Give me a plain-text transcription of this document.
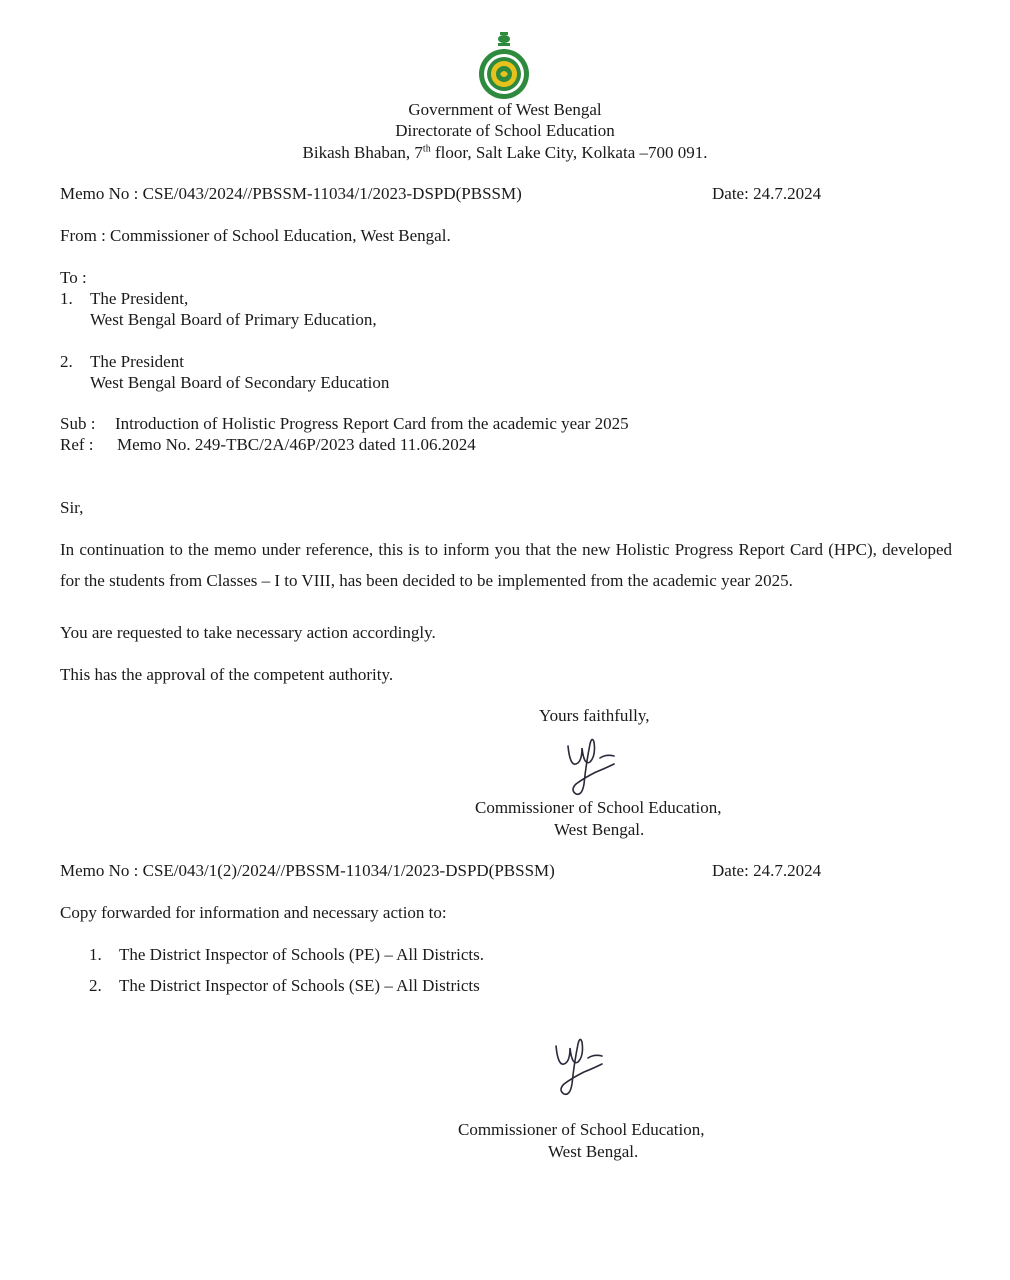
Government of West Bengal
Directorate of School Education
Bikash Bhaban, 7th floor, Salt Lake City, Kolkata –700 091.
Memo No : CSE/043/2024//PBSSM-11034/1/2023-DSPD(PBSSM)	Date: 24.7.2024
From : Commissioner of School Education, West Bengal.
To :
1. The President,
West Bengal Board of Primary Education,
2. The President
West Bengal Board of Secondary Education
Sub : Introduction of Holistic Progress Report Card from the academic year 2025
Ref : Memo No. 249-TBC/2A/46P/2023 dated 11.06.2024
Sir,
In continuation to the memo under reference, this is to inform you that the new Holistic Progress Report Card (HPC), developed for the students from Classes – I to VIII, has been decided to be implemented from the academic year 2025.
You are requested to take necessary action accordingly.
This has the approval of the competent authority.
Yours faithfully,
Commissioner of School Education,
West Bengal.
Memo No : CSE/043/1(2)/2024//PBSSM-11034/1/2023-DSPD(PBSSM)	Date: 24.7.2024
Copy forwarded for information and necessary action to:
1. The District Inspector of Schools (PE) – All Districts.
2. The District Inspector of Schools (SE) – All Districts
Commissioner of School Education,
West Bengal.
